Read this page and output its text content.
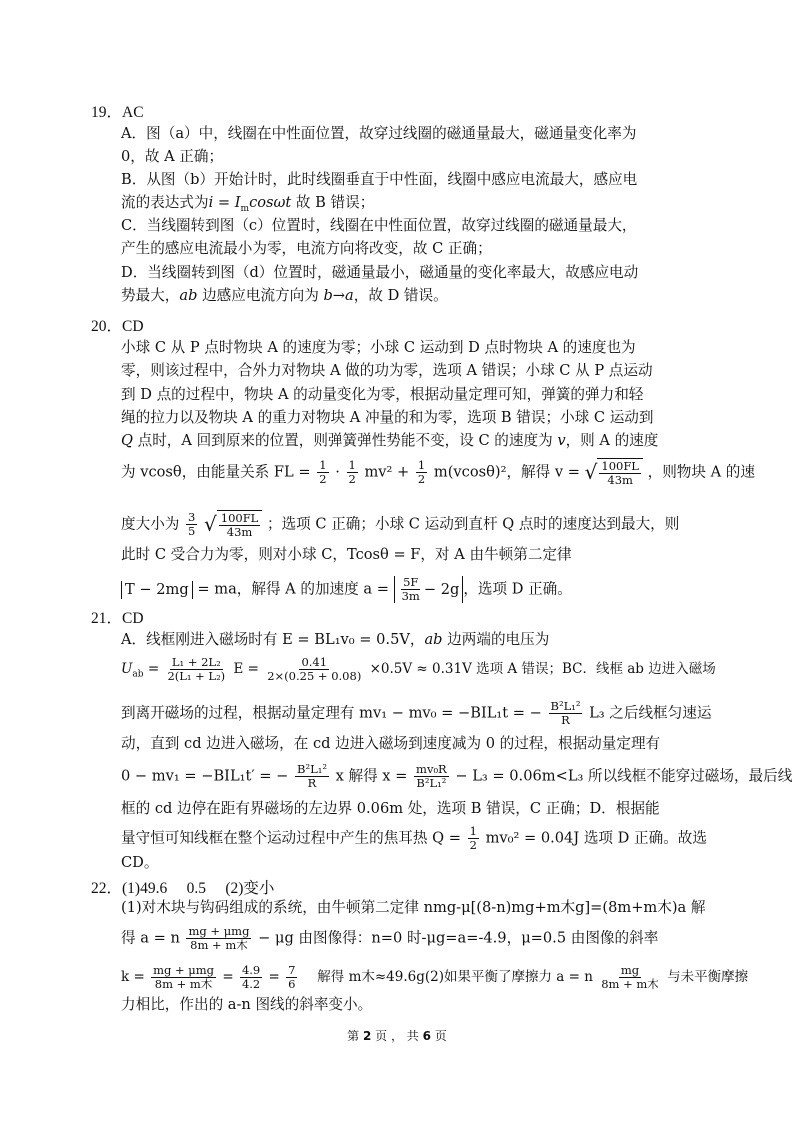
19．AC
A．图（a）中，线圈在中性面位置，故穿过线圈的磁通量最大，磁通量变化率为
0，故 A 正确；
B．从图（b）开始计时，此时线圈垂直于中性面，线圈中感应电流最大，感应电
流的表达式为$i = I_m\cos\omega t$ 故 B 错误；
C．当线圈转到图（c）位置时，线圈在中性面位置，故穿过线圈的磁通量最大，
产生的感应电流最小为零，电流方向将改变，故 C 正确；
D．当线圈转到图（d）位置时，磁通量最小，磁通量的变化率最大，故感应电动
势最大，ab 边感应电流方向为 b→a，故 D 错误。
20．CD
小球 C 从 P 点时物块 A 的速度为零；小球 C 运动到 D 点时物块 A 的速度也为
零，则该过程中，合外力对物块 A 做的功为零，选项 A 错误；小球 C 从 P 点运动
到 D 点的过程中，物块 A 的动量变化为零，根据动量定理可知，弹簧的弹力和轻
绳的拉力以及物块 A 的重力对物块 A 冲量的和为零，选项 B 错误；小球 C 运动到
Q 点时，A 回到原来的位置，则弹簧弹性势能不变，设 C 的速度为 v，则 A 的速度
为 vcosθ，由能量关系 FL = $\frac{1}{2} \cdot \frac{1}{2} mv^2 + \frac{1}{2} m(vcos\theta)^2$，解得 v = √ $\frac{100FL}{43m}$ ，则物块 A 的速
度大小为 $\frac{3}{5}$
√ $\frac{100FL}{43m}$ ；选项 C 正确；小球 C 运动到直杆 Q 点时的速度达到最大，则
此时 C 受合力为零，则对小球 C，Tcosθ = F，对 A 由牛顿第二定律
T − 2mg = ma，解得 A 的加速度 $a = \frac{5F}{3m} - 2g$ ，选项 D 正确。
21．CD
A．线框刚进入磁场时有 E = BL₁v₀ = 0.5V，ab 边两端的电压为
$U_{ab} = \frac{\text{L₁ + 2L₂}}{\text{2(L₁ + L₂)}}$ $E = \frac{0.41}{2\times(0.25 + 0.08)} \times 0.5V \approx 0.31V$ 选项 A 错误；BC．线框 ab 边进入磁场
到离开磁场的过程，根据动量定理有 mv₁ − mv₀ = −BIL₁t = − $\frac{\text{B²L₁²}}{R} L_3$ 之后线框匀速运
动，直到 cd 边进入磁场，在 cd 边进入磁场到速度减为 0 的过程，根据动量定理有
0 − mv₁ = −BIL₁t′ = − $\frac{\text{B²L₁²}}{R}$ x 解得 $x = \frac{\text{mv₀R}}{\text{B²L₁²}} - L_3 = 0.06m<L_3$ 所以线框不能穿过磁场，最后线
框的 cd 边停在距有界磁场的左边界 0.06m 处，选项 B 错误，C 正确；D．根据能
量守恒可知线框在整个运动过程中产生的焦耳热 $Q = \frac{1}{2} mv_0^2 = 0.04J$ 选项 D 正确。故选
CD。
22．(1)49.6　 0.5　 (2)变小
(1)对木块与钩码组成的系统，由牛顿第二定律 nmg-μ[(8-n)mg+m木g]=(8m+m木)a 解
得 a = n $\frac{\text{mg + μmg}}{\text{8m + m木}} - \mu g$ 由图像得：n=0 时-μg=a=-4.9，μ=0.5 由图像的斜率
$k = \frac{\text{mg + μmg}}{\text{8m + m木}} = \frac{4.9}{4.2} = \frac{7}{6}$ 　解得 m木≈49.6g(2)如果平衡了摩擦力 a = n $\frac{mg}{\text{8m + m木}}$ 与未平衡摩擦
力相比，作出的 a-n 图线的斜率变小。
第 2 页 ， 共 6 页
